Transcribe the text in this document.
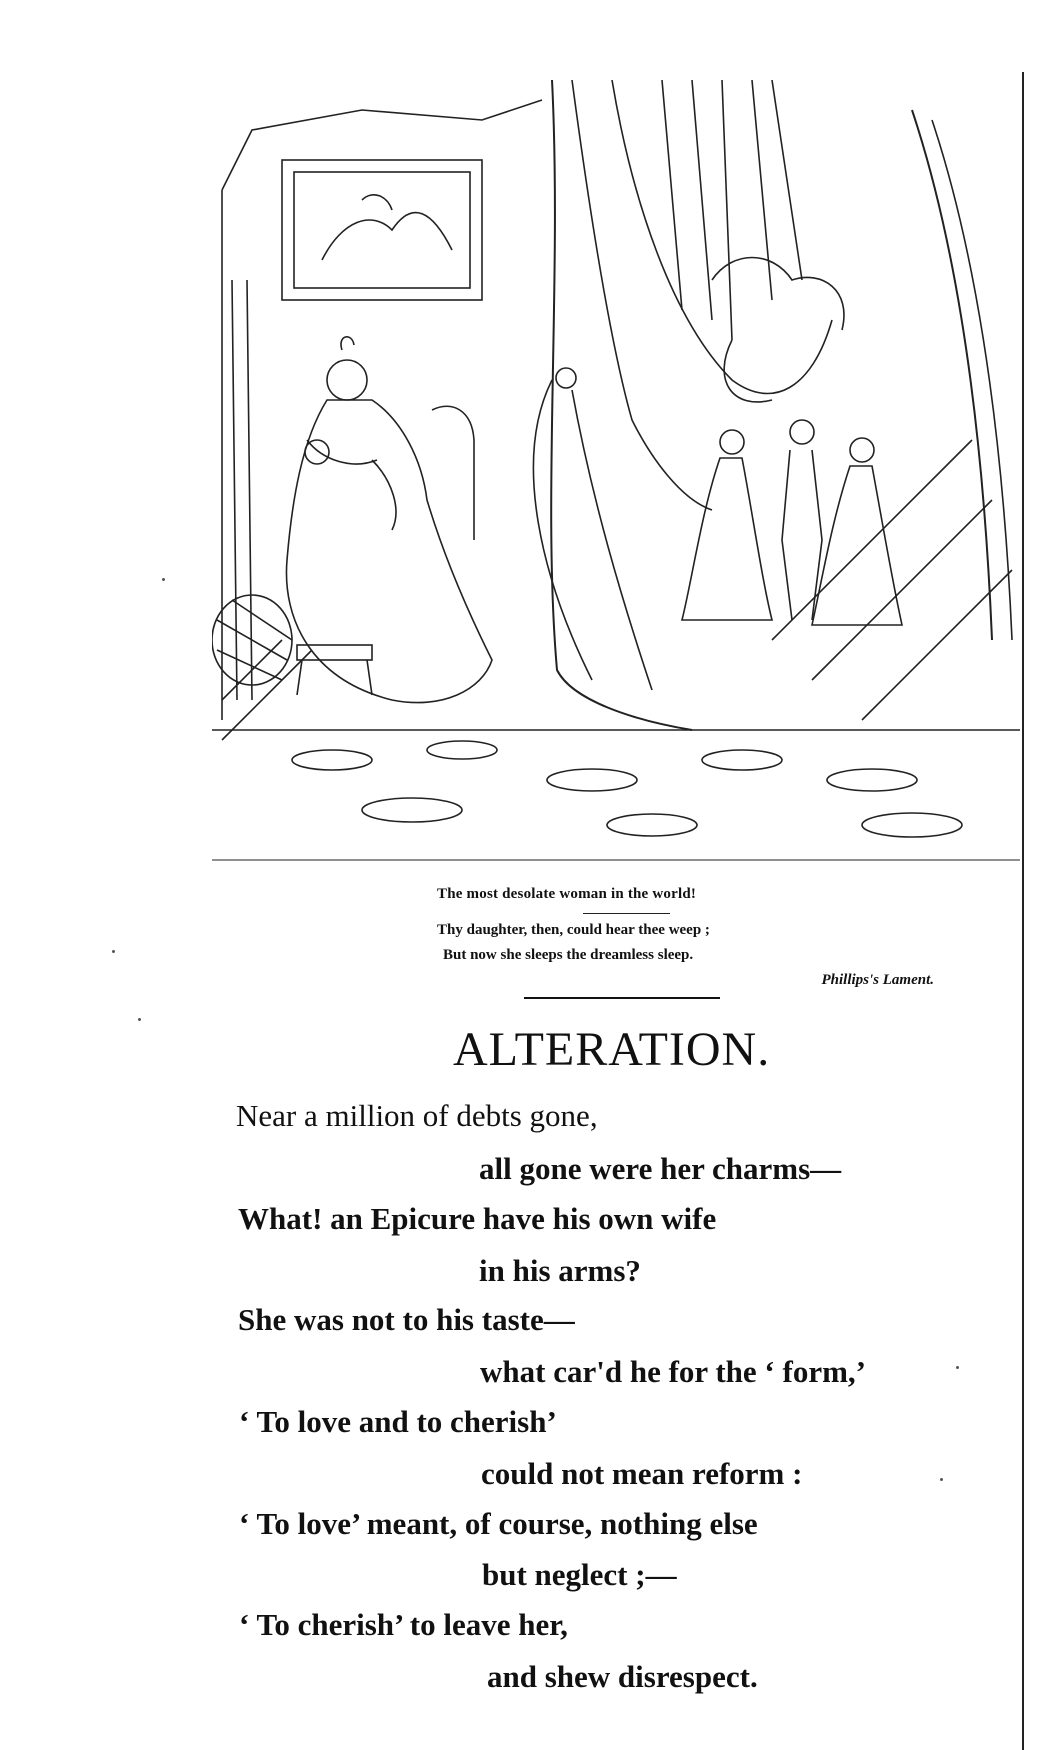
The most desolate woman in the world!
Thy daughter, then, could hear thee weep ;
But now she sleeps the dreamless sleep.
Phillips's Lament.
ALTERATION.
Near a million of debts gone,
all gone were her charms—
What! an Epicure have his own wife
in his arms?
She was not to his taste—
what car'd he for the ‘ form,’
‘ To love and to cherish’
could not mean reform :
‘ To love’ meant, of course, nothing else
but neglect ;—
‘ To cherish’ to leave her,
and shew disrespect.
